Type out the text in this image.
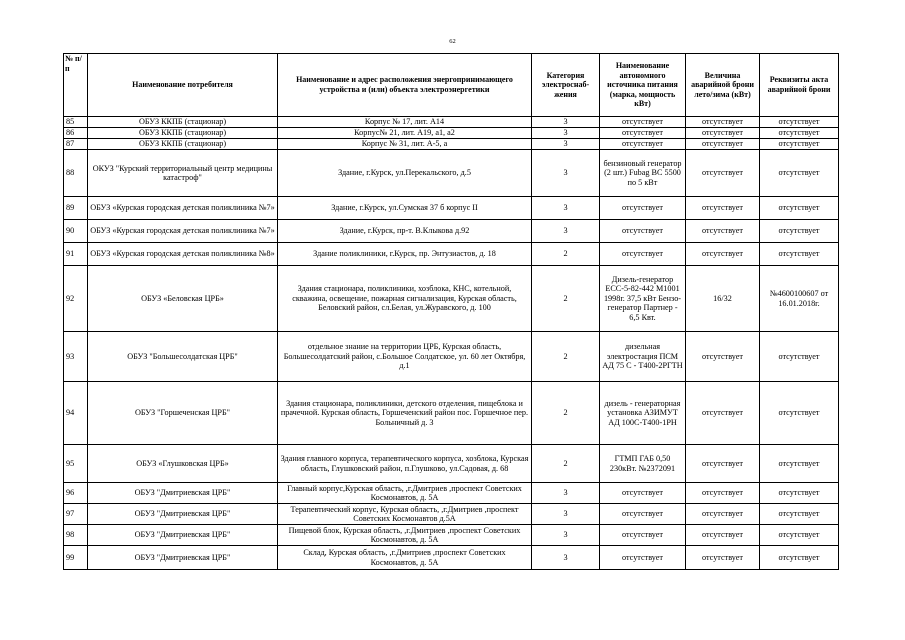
62
№ п/п	Наименование потребителя	Наименование и адрес расположения энергопринимающего устройства и (или) объекта электроэнергетики	Категория электроснаб-жения	Наименование автономного источника питания (марка, мощность кВт)	Величина аварийной брони лето/зима (кВт)	Реквизиты акта аварийной брони
85	ОБУЗ ККПБ (стационар)	Корпус № 17, лит. А14	3	отсутствует	отсутствует	отсутствует
86	ОБУЗ ККПБ (стационар)	Корпус№ 21, лит. А19, а1, а2	3	отсутствует	отсутствует	отсутствует
87	ОБУЗ ККПБ (стационар)	Корпус № 31, лит. А-5, а	3	отсутствует	отсутствует	отсутствует
88	ОКУЗ "Курский территориальный центр медицины катастроф"	Здание, г.Курск, ул.Перекальского, д.5	3	бензиновый генератор (2 шт.) Fubag BC 5500 по 5 кВт	отсутствует	отсутствует
89	ОБУЗ «Курская городская детская поликлиника №7»	Здание, г.Курск, ул.Сумская 37 б корпус II	3	отсутствует	отсутствует	отсутствует
90	ОБУЗ «Курская городская детская поликлиника №7»	Здание, г.Курск, пр-т. В.Клыкова д.92	3	отсутствует	отсутствует	отсутствует
91	ОБУЗ «Курская городская детская поликлиника №8»	Здание поликлиники, г.Курск, пр. Энтузиастов, д. 18	2	отсутствует	отсутствует	отсутствует
92	ОБУЗ «Беловская ЦРБ»	Здания стационара, поликлиники, хозблока, КНС, котельной, скважина, освещение, пожарная сигнализация, Курская область, Беловский район, сл.Белая, ул.Журавского, д. 100	2	Дизель-генератор ЕСС-5-82-442 М1001 1998г. 37,5 кВт Бензо-генератор Партнер - 6,5 Квт.	16/32	№4600100607 от 16.01.2018г.
93	ОБУЗ "Большесолдатская ЦРБ"	отдельное знание на территории ЦРБ, Курская область, Большесолдатский район, с.Большое Солдатское, ул. 60 лет Октября, д.1	2	дизельная электростация ПСМ АД 75 С - Т400-2РГТН	отсутствует	отсутствует
94	ОБУЗ "Горшеченская ЦРБ"	Здания стационара, поликлиники, детского отделения, пищеблока и прачечной. Курская область, Горшеченский район пос. Горшечное пер. Больничный д. 3	2	дизель - генераторная установка АЗИМУТ АД 100С-Т400-1РН	отсутствует	отсутствует
95	ОБУЗ «Глушковская ЦРБ»	Здания главного корпуса, терапевтического корпуса, хозблока, Курская область, Глушковский район, п.Глушково, ул.Садовая, д. 68	2	ГТМП ГАБ 0,50 230кВт. №2372091	отсутствует	отсутствует
96	ОБУЗ "Дмитриевская ЦРБ"	Главный корпус,Курская область, ,г.Дмитриев ,проспект Советских Космонавтов, д. 5А	3	отсутствует	отсутствует	отсутствует
97	ОБУЗ "Дмитриевская ЦРБ"	Терапевтический корпус, Курская область, ,г.Дмитриев ,проспект Советских Космонавтов д.5А	3	отсутствует	отсутствует	отсутствует
98	ОБУЗ "Дмитриевская ЦРБ"	Пищевой блок, Курская область, ,г.Дмитриев ,проспект Советских Космонавтов, д. 5А	3	отсутствует	отсутствует	отсутствует
99	ОБУЗ "Дмитриевская ЦРБ"	Склад, Курская область, ,г.Дмитриев ,проспект Советских Космонавтов, д. 5А	3	отсутствует	отсутствует	отсутствует
